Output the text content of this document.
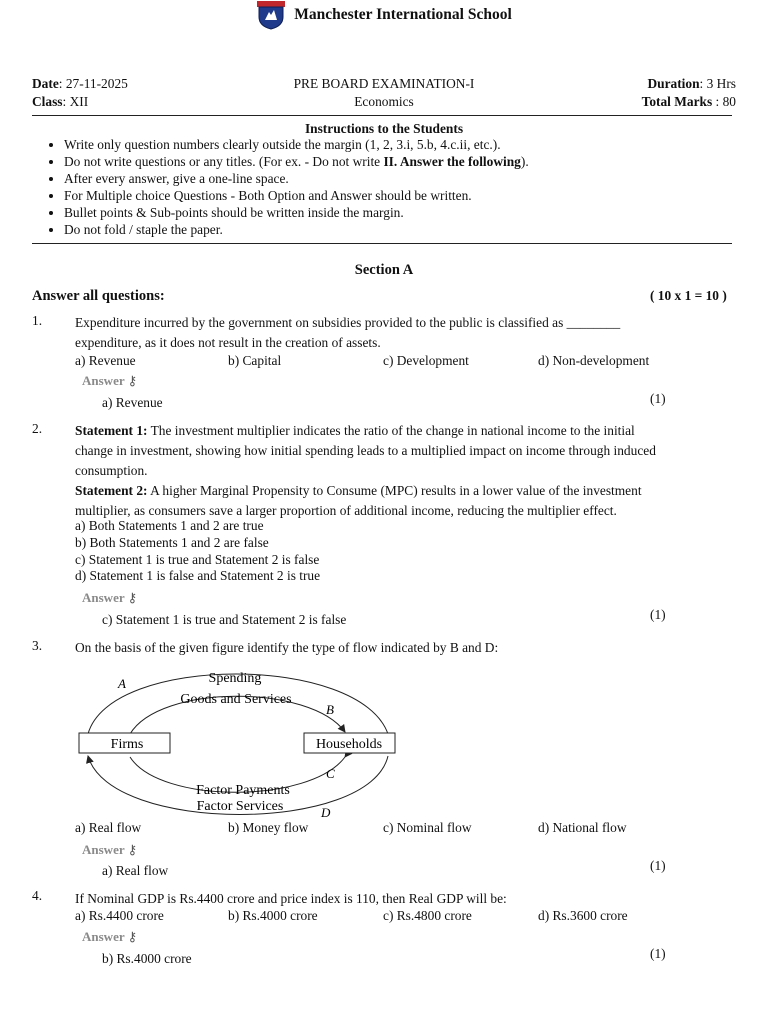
Manchester International School
Date: 27-11-2025	PRE BOARD EXAMINATION-I	Duration: 3 Hrs
Class: XII	Economics	Total Marks : 80
Instructions to the Students
• Write only question numbers clearly outside the margin (1, 2, 3.i, 5.b, 4.c.ii, etc.).
• Do not write questions or any titles. (For ex. - Do not write II. Answer the following).
• After every answer, give a one-line space.
• For Multiple choice Questions - Both Option and Answer should be written.
• Bullet points & Sub-points should be written inside the margin.
• Do not fold / staple the paper.
Section A
Answer all questions:	( 10 x 1 = 10 )
1. Expenditure incurred by the government on subsidies provided to the public is classified as ________
expenditure, as it does not result in the creation of assets.
a) Revenue	b) Capital	c) Development	d) Non-development
Answer ⚷
a) Revenue	(1)
2. Statement 1: The investment multiplier indicates the ratio of the change in national income to the initial
change in investment, showing how initial spending leads to a multiplied impact on income through induced
consumption.
Statement 2: A higher Marginal Propensity to Consume (MPC) results in a lower value of the investment
multiplier, as consumers save a larger proportion of additional income, reducing the multiplier effect.
a) Both Statements 1 and 2 are true
b) Both Statements 1 and 2 are false
c) Statement 1 is true and Statement 2 is false
d) Statement 1 is false and Statement 2 is true
Answer ⚷
c) Statement 1 is true and Statement 2 is false	(1)
3. On the basis of the given figure identify the type of flow indicated by B and D:
Firms	Households
Spending
Goods and Services
Factor Payments
Factor Services
A
B
C
D
a) Real flow	b) Money flow	c) Nominal flow	d) National flow
Answer ⚷
a) Real flow	(1)
4. If Nominal GDP is Rs.4400 crore and price index is 110, then Real GDP will be:
a) Rs.4400 crore	b) Rs.4000 crore	c) Rs.4800 crore	d) Rs.3600 crore
Answer ⚷
b) Rs.4000 crore	(1)
